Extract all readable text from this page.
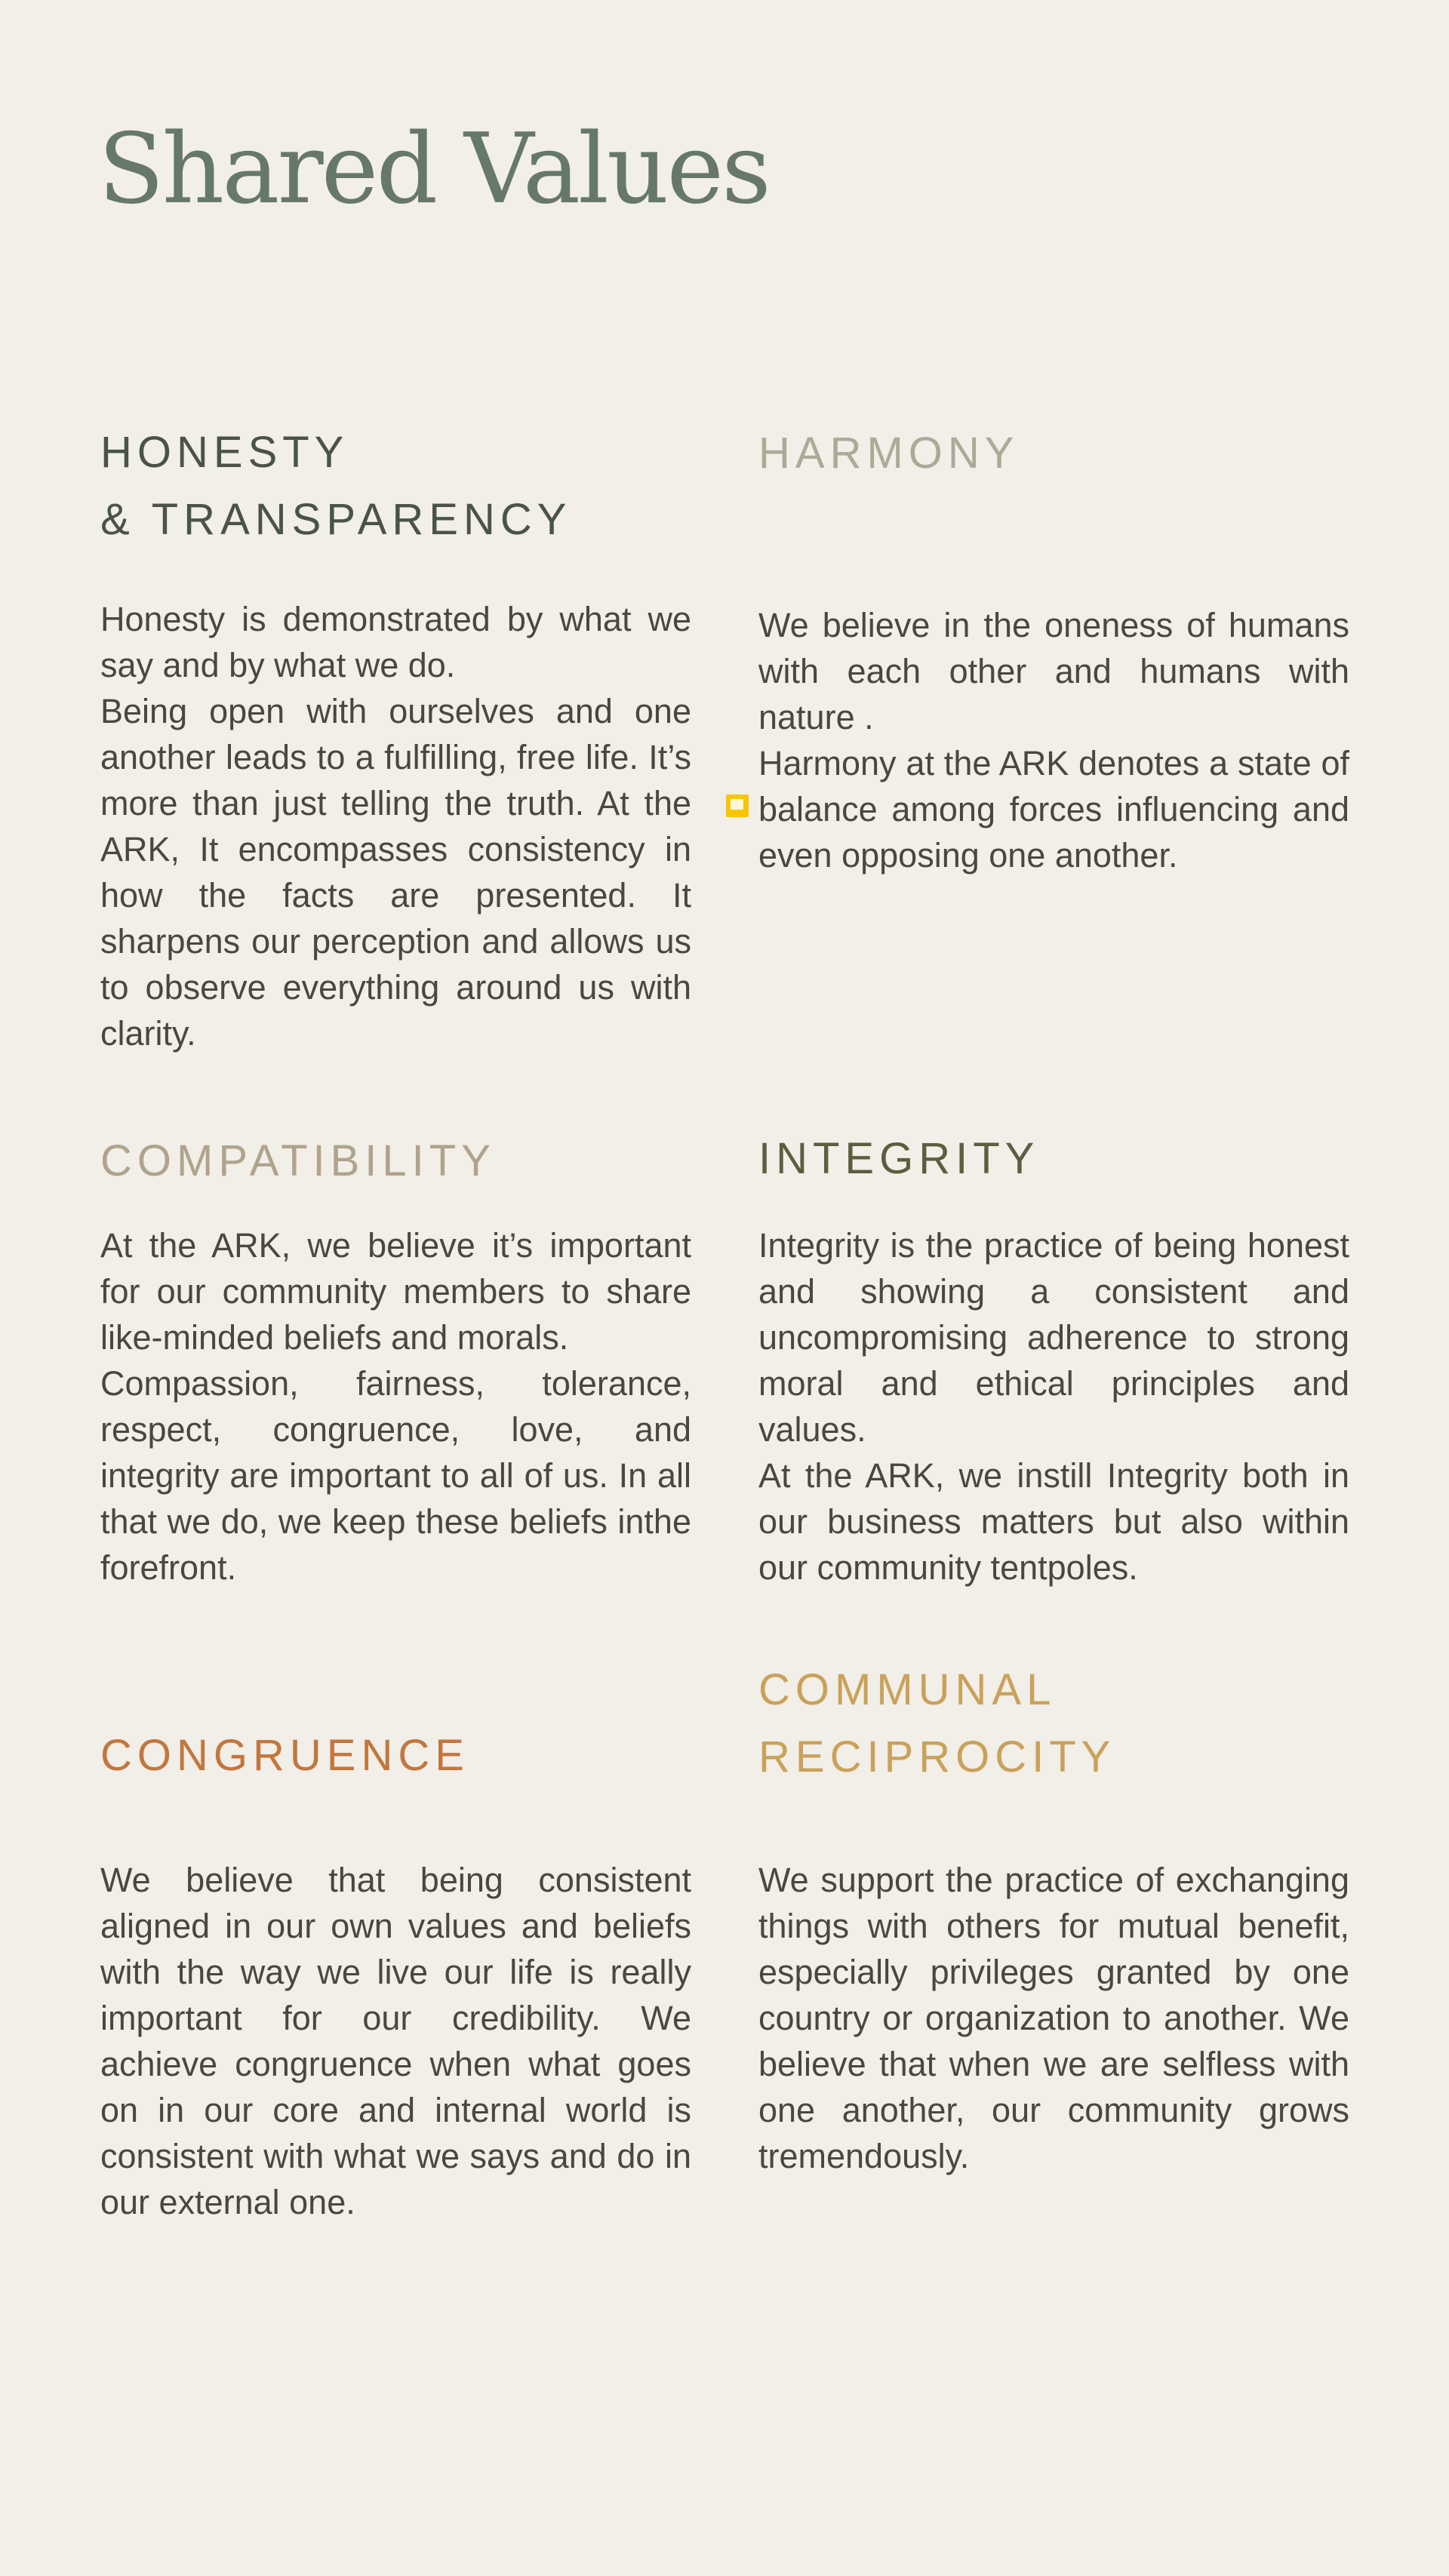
Shared Values
HONESTY
& TRANSPARENCY

Honesty is demonstrated by what we say and by what we do.

Being open with ourselves and one another leads to a fulfilling, free life. It’s more than just telling the truth. At the ARK, It encompasses consistency in how the facts are presented. It sharpens our perception and allows us to observe everything around us with clarity.

HARMONY

We believe in the oneness of humans with each other and humans with nature .

Harmony at the ARK denotes a state of balance among forces influencing and even opposing one another.

COMPATIBILITY

At the ARK, we believe it’s important for our community members to share like-minded beliefs and morals.

Compassion, fairness, tolerance, respect, congruence, love, and integrity are important to all of us. In all that we do, we keep these beliefs inthe forefront.

INTEGRITY

Integrity is the practice of being honest and showing a consistent and uncompromising adherence to strong moral and ethical principles and values.

At the ARK, we instill Integrity both in our business matters but also within our community tentpoles.

CONGRUENCE

We believe that being consistent aligned in our own values and beliefs with the way we live our life is really important for our credibility. We achieve congruence when what goes on in our core and internal world is consistent with what we says and do in our external one.

COMMUNAL
RECIPROCITY

We support the practice of exchanging things with others for mutual benefit, especially privileges granted by one country or organization to another. We believe that when we are selfless with one another, our community grows tremendously.
